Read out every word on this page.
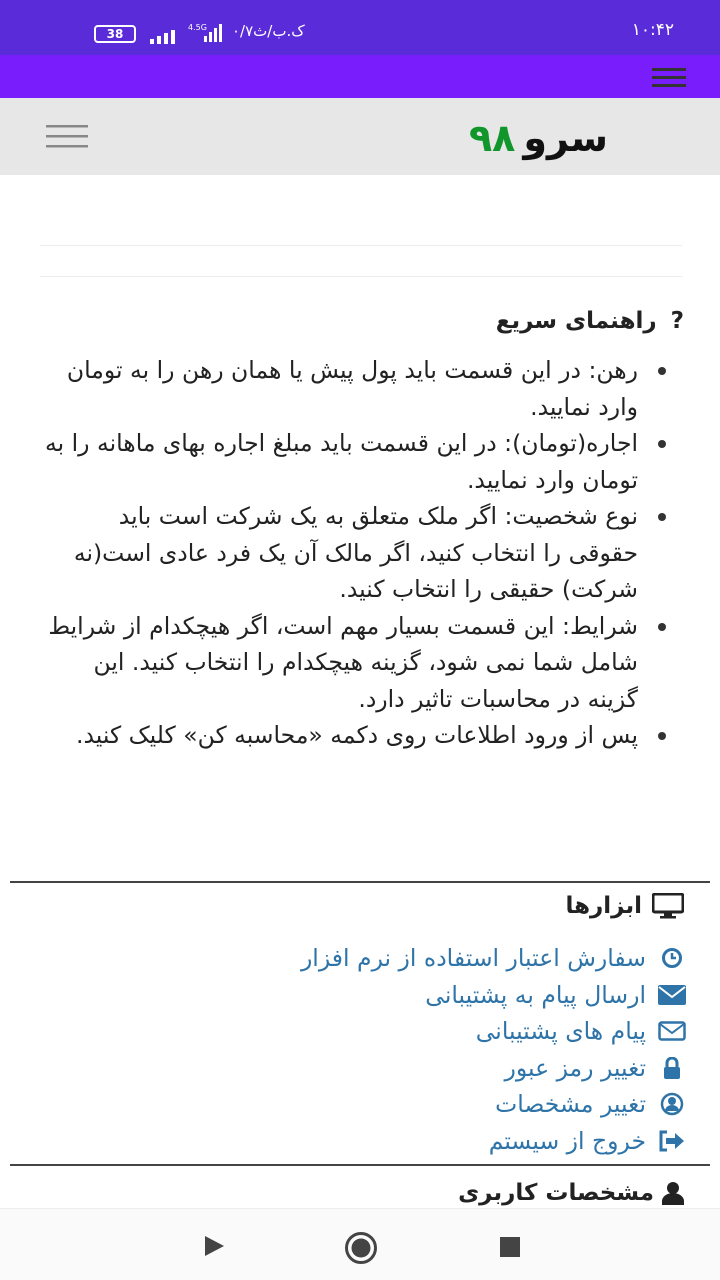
38	4.5G ۰/۷ک.ب/ث	۱۰:۴۲
سرو۹۸
?راهنمای سریع
رهن: در این قسمت باید پول پیش یا همان رهن را به تومان وارد نمایید.
اجاره(تومان): در این قسمت باید مبلغ اجاره بهای ماهانه را به تومان وارد نمایید.
نوع شخصیت: اگر ملک متعلق به یک شرکت است باید حقوقی را انتخاب کنید، اگر مالک آن یک فرد عادی است(نه شرکت) حقیقی را انتخاب کنید.
شرایط: این قسمت بسیار مهم است، اگر هیچکدام از شرایط شامل شما نمی شود، گزینه هیچکدام را انتخاب کنید. این گزینه در محاسبات تاثیر دارد.
پس از ورود اطلاعات روی دکمه «محاسبه کن» کلیک کنید.
ابزارها
سفارش اعتبار استفاده از نرم افزار
ارسال پیام به پشتیبانی
پیام های پشتیبانی
تغییر رمز عبور
تغییر مشخصات
خروج از سیستم
مشخصات کاربری
